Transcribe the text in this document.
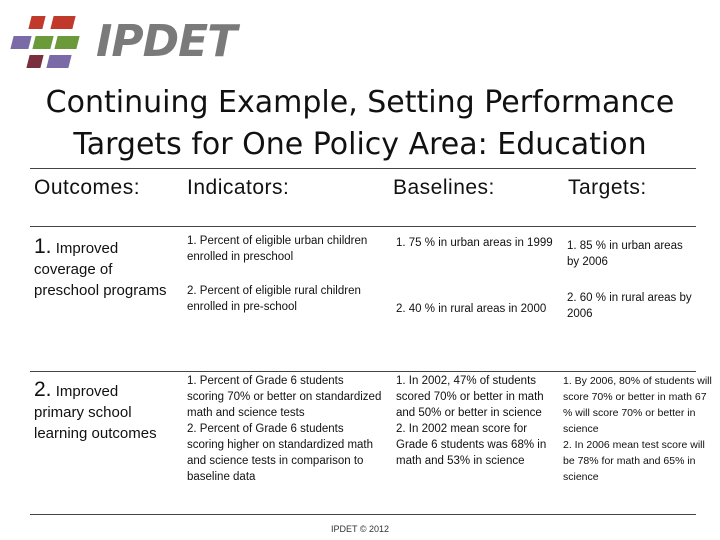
IPDET
Continuing Example, Setting Performance
Targets for One Policy Area: Education
Outcomes: Indicators:	Baselines:	Targets:
1. Improved coverage of preschool programs
1. Percent of eligible urban children enrolled in preschool
2. Percent of eligible rural children enrolled in pre-school
1. 75 % in urban areas in 1999
2. 40 % in rural areas in 2000
1. 85 % in urban areas by 2006
2. 60 % in rural areas by 2006
2. Improved primary school learning outcomes
1. Percent of Grade 6 students scoring 70% or better on standardized math and science tests
2. Percent of Grade 6 students scoring higher on standardized math and science tests in comparison to baseline data
1. In 2002, 47% of students scored 70% or better in math and 50% or better in science
2. In 2002 mean score for Grade 6 students was 68% in math and 53% in science
1. By 2006, 80% of students will score 70% or better in math 67 % will score 70% or better in science
2. In 2006 mean test score will be 78% for math and 65% in science
IPDET © 2012
